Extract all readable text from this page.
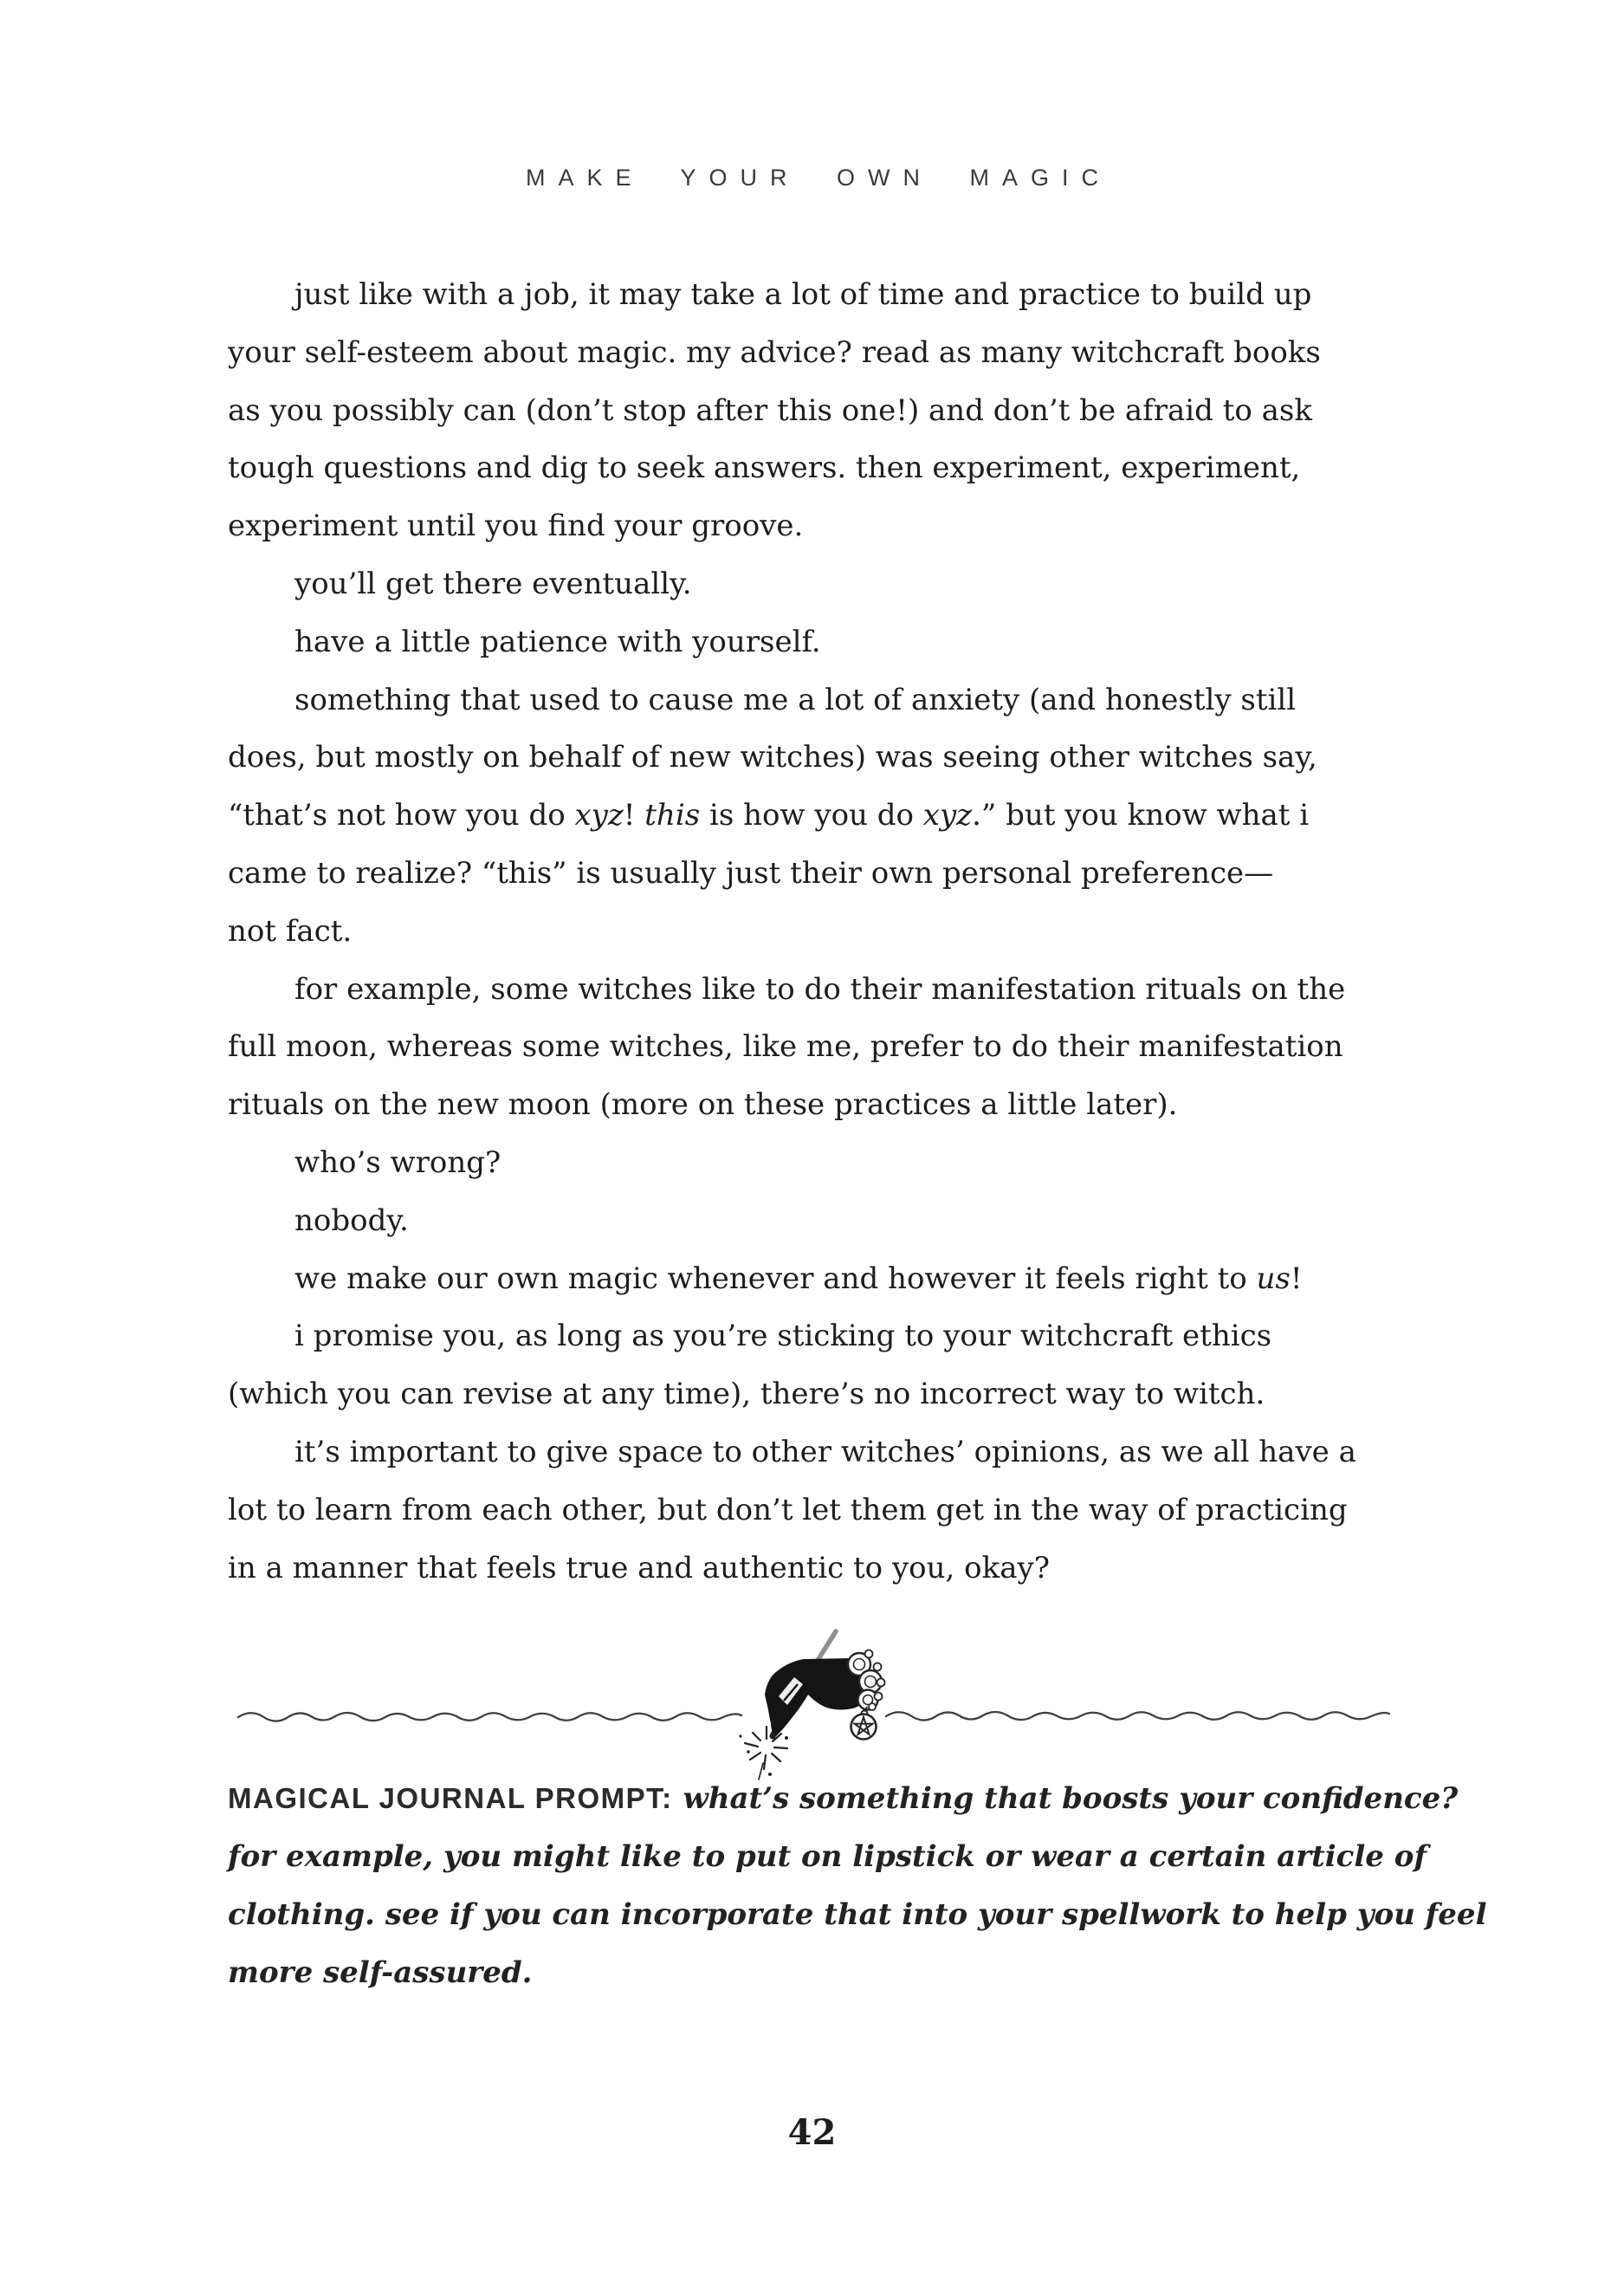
MAKE YOUR OWN MAGIC
just like with a job, it may take a lot of time and practice to build up
your self-esteem about magic. my advice? read as many witchcraft books
as you possibly can (don’t stop after this one!) and don’t be afraid to ask
tough questions and dig to seek answers. then experiment, experiment,
experiment until you find your groove.
you’ll get there eventually.
have a little patience with yourself.
something that used to cause me a lot of anxiety (and honestly still
does, but mostly on behalf of new witches) was seeing other witches say,
“that’s not how you do xyz! this is how you do xyz.” but you know what i
came to realize? “this” is usually just their own personal preference—
not fact.
for example, some witches like to do their manifestation rituals on the
full moon, whereas some witches, like me, prefer to do their manifestation
rituals on the new moon (more on these practices a little later).
who’s wrong?
nobody.
we make our own magic whenever and however it feels right to us!
i promise you, as long as you’re sticking to your witchcraft ethics
(which you can revise at any time), there’s no incorrect way to witch.
it’s important to give space to other witches’ opinions, as we all have a
lot to learn from each other, but don’t let them get in the way of practicing
in a manner that feels true and authentic to you, okay?
MAGICAL JOURNAL PROMPT: what’s something that boosts your confidence?
for example, you might like to put on lipstick or wear a certain article of
clothing. see if you can incorporate that into your spellwork to help you feel
more self-assured.
42
